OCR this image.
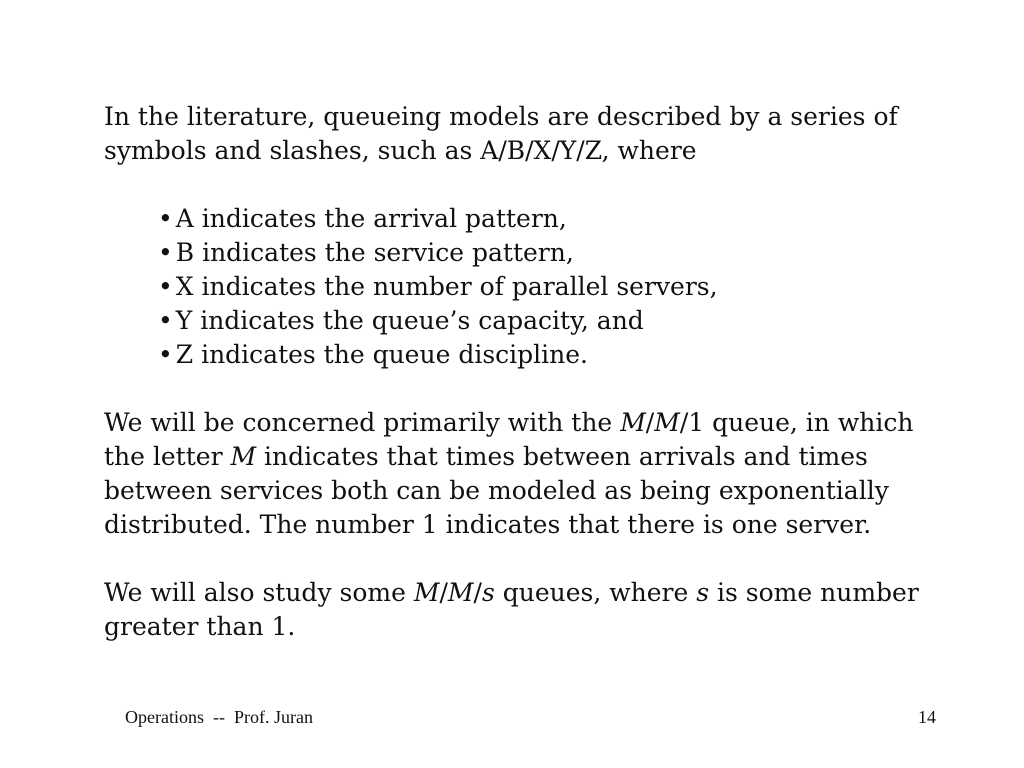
In the literature, queueing models are described by a series of
symbols and slashes, such as A/B/X/Y/Z, where

• A indicates the arrival pattern,
• B indicates the service pattern,
• X indicates the number of parallel servers,
• Y indicates the queue’s capacity, and
• Z indicates the queue discipline.

We will be concerned primarily with the M/M/1 queue, in which
the letter M indicates that times between arrivals and times
between services both can be modeled as being exponentially
distributed. The number 1 indicates that there is one server.

We will also study some M/M/s queues, where s is some number
greater than 1.

Operations  --  Prof. Juran	14
